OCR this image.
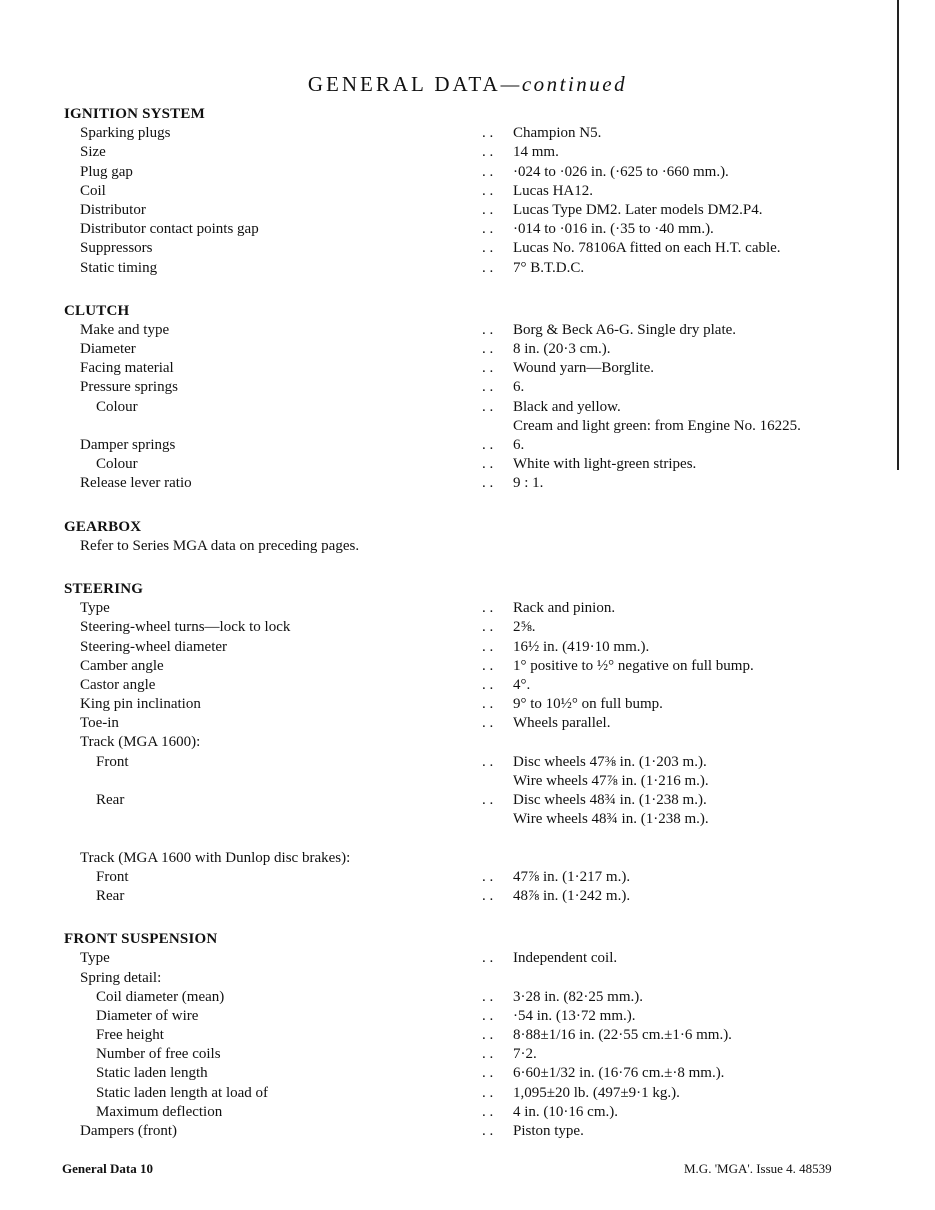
GENERAL DATA—continued
IGNITION SYSTEM
Sparking plugs	. . Champion N5.
Size	. . 14 mm.
Plug gap	. . ·024 to ·026 in. (·625 to ·660 mm.).
Coil	. . Lucas HA12.
Distributor	. . Lucas Type DM2. Later models DM2.P4.
Distributor contact points gap	. . ·014 to ·016 in. (·35 to ·40 mm.).
Suppressors	. . Lucas No. 78106A fitted on each H.T. cable.
Static timing	. . 7° B.T.D.C.
CLUTCH
Make and type	. . Borg & Beck A6-G. Single dry plate.
Diameter	. . 8 in. (20·3 cm.).
Facing material	. . Wound yarn—Borglite.
Pressure springs	. . 6.
Colour	. . Black and yellow.
Cream and light green: from Engine No. 16225.
Damper springs	. . 6.
Colour	. . White with light-green stripes.
Release lever ratio	. . 9 : 1.
GEARBOX
Refer to Series MGA data on preceding pages.
STEERING
Type	. . Rack and pinion.
Steering-wheel turns—lock to lock	. . 2⅝.
Steering-wheel diameter	. . 16½ in. (419·10 mm.).
Camber angle	. . 1° positive to ½° negative on full bump.
Castor angle	. . 4°.
King pin inclination	. . 9° to 10½° on full bump.
Toe-in	. . Wheels parallel.
Track (MGA 1600):
Front	. . Disc wheels 47⅜ in. (1·203 m.).
Wire wheels 47⅞ in. (1·216 m.).
Rear	. . Disc wheels 48¾ in. (1·238 m.).
Wire wheels 48¾ in. (1·238 m.).
Track (MGA 1600 with Dunlop disc brakes):
Front	. . 47⅞ in. (1·217 m.).
Rear	. . 48⅞ in. (1·242 m.).
FRONT SUSPENSION
Type	. . Independent coil.
Spring detail:
Coil diameter (mean)	. . 3·28 in. (82·25 mm.).
Diameter of wire	. . ·54 in. (13·72 mm.).
Free height	. . 8·88±1/16 in. (22·55 cm.±1·6 mm.).
Number of free coils	. . 7·2.
Static laden length	. . 6·60±1/32 in. (16·76 cm.±·8 mm.).
Static laden length at load of	. . 1,095±20 lb. (497±9·1 kg.).
Maximum deflection	. . 4 in. (10·16 cm.).
Dampers (front)	. . Piston type.
General Data 10	M.G. 'MGA'. Issue 4. 48539
